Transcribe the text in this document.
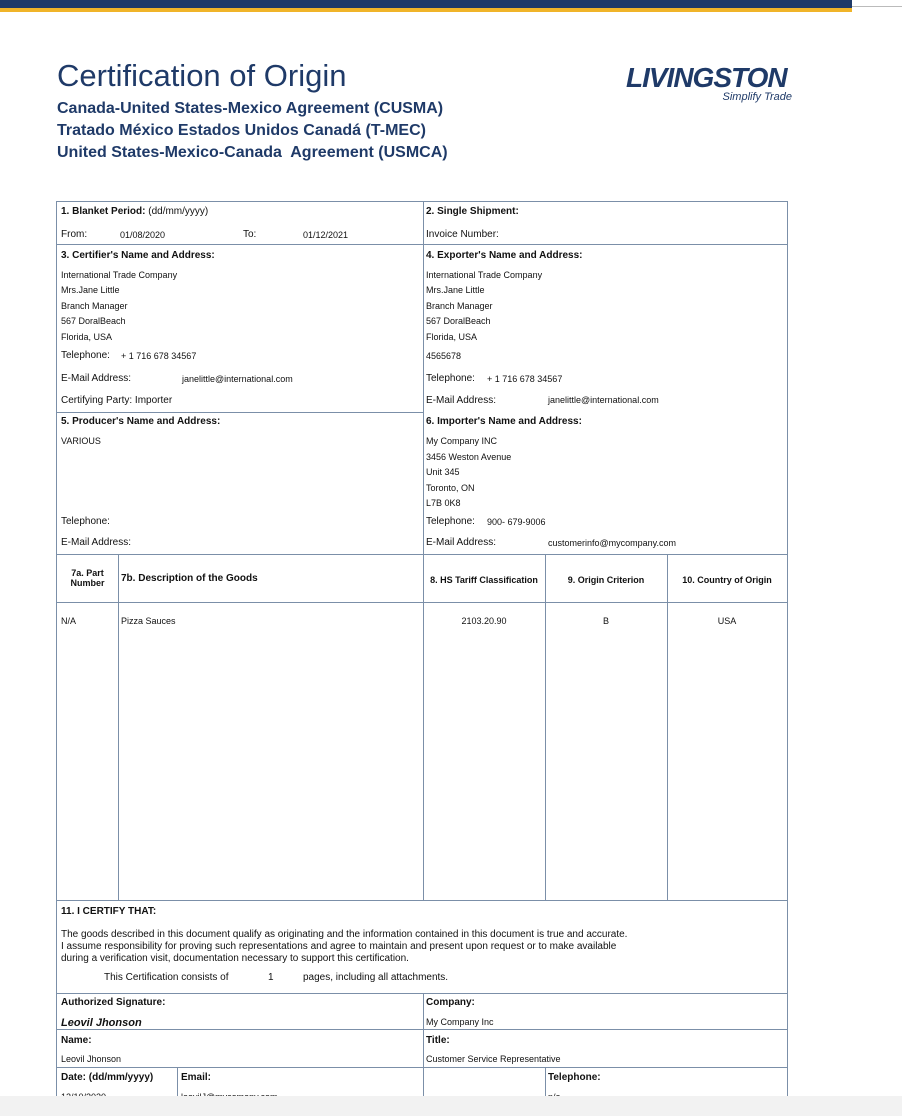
Certification of Origin
Canada-United States-Mexico Agreement (CUSMA)
Tratado México Estados Unidos Canadá (T-MEC)
United States-Mexico-Canada  Agreement (USMCA)
LIVINGSTON
Simplify Trade
1. Blanket Period: (dd/mm/yyyy)
From:	01/08/2020	To:	01/12/2021
2. Single Shipment:
Invoice Number:
3. Certifier's Name and Address:
International Trade Company
Mrs.Jane Little
Branch Manager
567 DoralBeach
Florida, USA
Telephone: + 1 716 678 34567
E-Mail Address:	janelittle@international.com
Certifying Party: Importer
4. Exporter's Name and Address:
International Trade Company
Mrs.Jane Little
Branch Manager
567 DoralBeach
Florida, USA
4565678
Telephone: + 1 716 678 34567
E-Mail Address:	janelittle@international.com
5. Producer's Name and Address:
VARIOUS
Telephone:
E-Mail Address:
6. Importer's Name and Address:
My Company INC
3456 Weston Avenue
Unit 345
Toronto, ON
L7B 0K8
Telephone: 900- 679-9006
E-Mail Address:	customerinfo@mycompany.com
7a. Part
Number	7b. Description of the Goods	8. HS Tariff Classification	9. Origin Criterion	10. Country of Origin
N/A	Pizza Sauces	2103.20.90	B	USA
11. I CERTIFY THAT:
The goods described in this document qualify as originating and the information contained in this document is true and accurate.
I assume responsibility for proving such representations and agree to maintain and present upon request or to make available
during a verification visit, documentation necessary to support this certification.
This Certification consists of	1	pages, including all attachments.
Authorized Signature:
Leovil Jhonson
Company:
My Company Inc
Name:
Leovil Jhonson
Title:
Customer Service Representative
Date: (dd/mm/yyyy)	Email:	Telephone:
